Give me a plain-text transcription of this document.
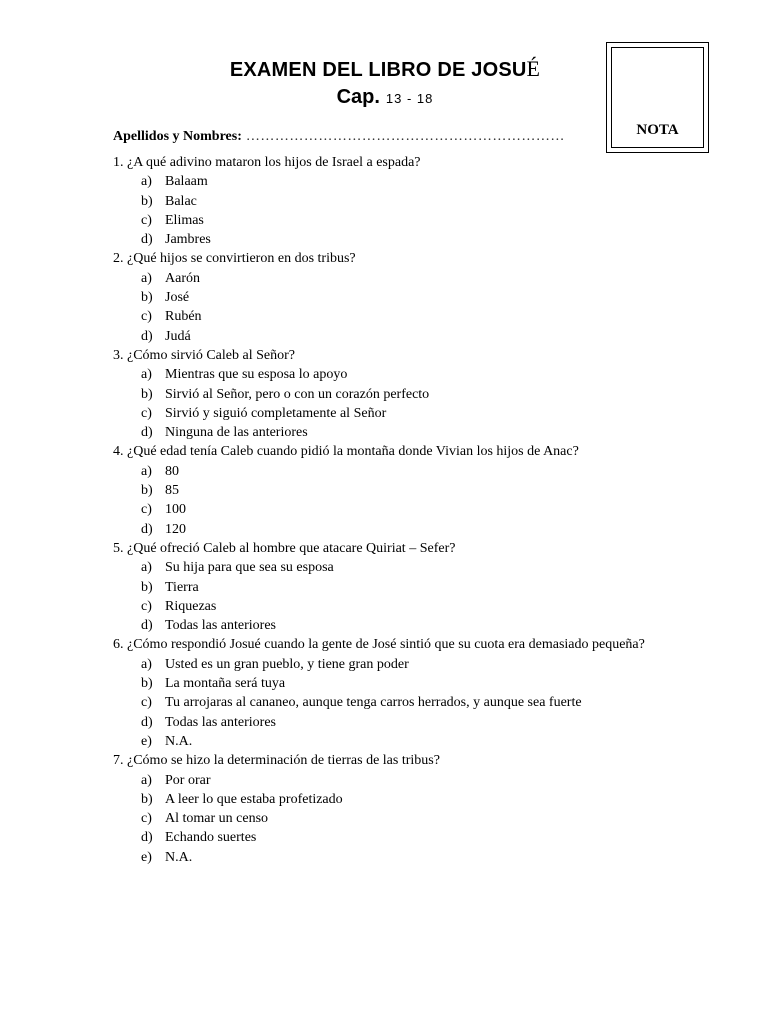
EXAMEN DEL LIBRO DE JOSUÉ
Cap. 13 - 18
NOTA
Apellidos y Nombres: …………………………………………………………

1. ¿A qué adivino mataron los hijos de Israel a espada?

a) Balaam
b) Balac
c) Elimas
d) Jambres

2. ¿Qué hijos se convirtieron en dos tribus?

a) Aarón
b) José
c) Rubén
d) Judá

3. ¿Cómo sirvió Caleb al Señor?

a) Mientras que su esposa lo apoyo
b) Sirvió al Señor, pero o con un corazón perfecto
c) Sirvió y siguió completamente al Señor
d) Ninguna de las anteriores

4. ¿Qué edad tenía Caleb cuando pidió la montaña donde Vivian los hijos de Anac?

a) 80
b) 85
c) 100
d) 120

5. ¿Qué ofreció Caleb al hombre que atacare Quiriat – Sefer?

a) Su hija para que sea su esposa
b) Tierra
c) Riquezas
d) Todas las anteriores

6. ¿Cómo respondió Josué cuando la gente de José sintió que su cuota era demasiado pequeña?

a) Usted es un gran pueblo, y tiene gran poder
b) La montaña será tuya
c) Tu arrojaras al cananeo, aunque tenga carros herrados, y aunque sea fuerte
d) Todas las anteriores
e) N.A.

7. ¿Cómo se hizo la determinación de tierras de las tribus?

a) Por orar
b) A leer lo que estaba profetizado
c) Al tomar un censo
d) Echando suertes
e) N.A.
